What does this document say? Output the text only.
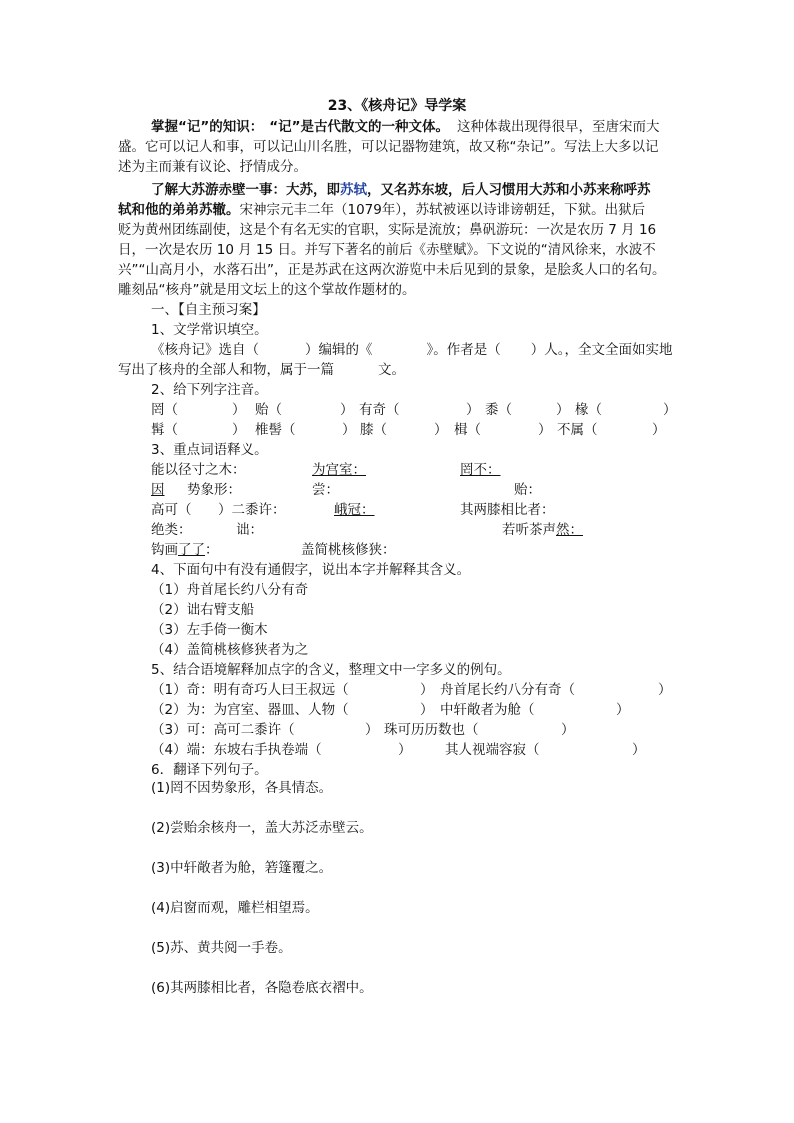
23、《核舟记》导学案
掌握“记”的知识： “记”是古代散文的一种文体。 这种体裁出现得很早，至唐宋而大
盛。它可以记人和事，可以记山川名胜，可以记器物建筑，故又称“杂记”。写法上大多以记
述为主而兼有议论、抒情成分。
了解大苏游赤壁一事：大苏，即苏轼，又名苏东坡，后人习惯用大苏和小苏来称呼苏
轼和他的弟弟苏辙。宋神宗元丰二年（1079年），苏轼被诬以诗诽谤朝廷，下狱。出狱后
贬为黄州团练副使，这是个有名无实的官职，实际是流放；鼻矾游玩：一次是农历 7 月 16
日，一次是农历 10 月 15 日。并写下著名的前后《赤壁赋》。下文说的“清风徐来，水波不
兴”“山高月小，水落石出”，正是苏武在这两次游览中未后见到的景象，是脍炙人口的名句。
雕刻品“核舟”就是用文坛上的这个掌故作题材的。
一、【自主预习案】
1、文学常识填空。
《核舟记》选自（	）编辑的《	》。作者是（ ）人。，全文全面如实地
写出了核舟的全部人和物，属于一篇	文。
2、给下列字注音。
罔（	） 贻（	） 有奇（	） 黍（	） 椽（	）
髯（	） 椎髻（	） 膝（	） 楫（	） 不属（	）
3、重点词语释义。
能以径寸之木：	为宫室：	罔不：
因 势象形：	尝：	贻：
高可（ ）二黍许：	峨冠：	其两膝相比者：
绝类：	诎：	若听茶声然：
钩画了了：	盖简桃核修狭：
4、下面句中有没有通假字，说出本字并解释其含义。
（1）舟首尾长约八分有奇
（2）诎右臂支船
（3）左手倚一衡木
（4）盖简桃核修狭者为之
5、结合语境解释加点字的含义，整理文中一字多义的例句。
（1）奇：明有奇巧人曰王叔远（	） 舟首尾长约八分有奇（	）
（2）为：为宫室、器皿、人物（	） 中轩敞者为舱（	）
（3）可：高可二黍许（	） 珠可历历数也（	）
（4）端：东坡右手执卷端（	） 其人视端容寂（	）
6．翻译下列句子。
(1)罔不因势象形，各具情态。
(2)尝贻余核舟一，盖大苏泛赤壁云。
(3)中轩敞者为舱，箬篷覆之。
(4)启窗而观，雕栏相望焉。
(5)苏、黄共阅一手卷。
(6)其两膝相比者，各隐卷底衣褶中。
